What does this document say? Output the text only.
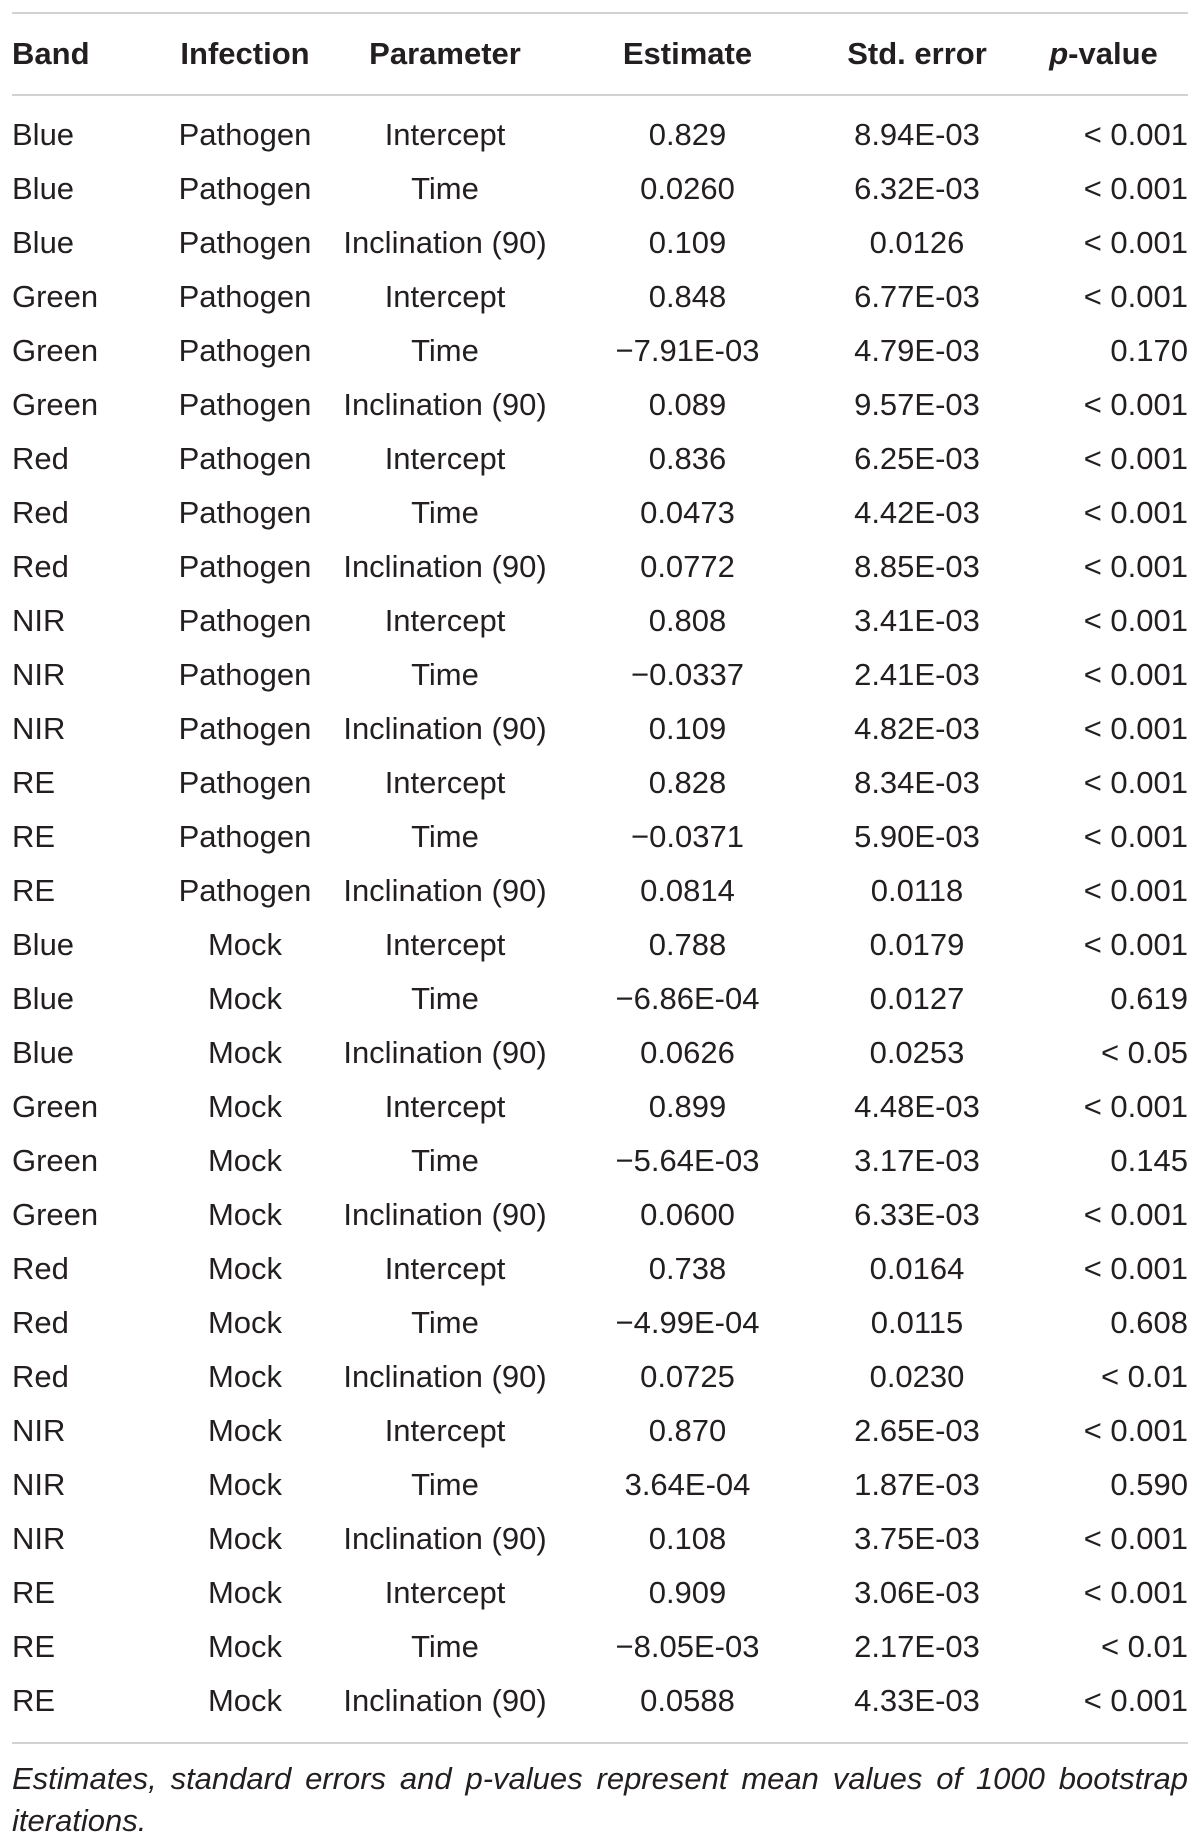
Band	Infection	Parameter	Estimate	Std. error	p-value
Blue	Pathogen	Intercept	0.829	8.94E-03	< 0.001
Blue	Pathogen	Time	0.0260	6.32E-03	< 0.001
Blue	Pathogen	Inclination (90)	0.109	0.0126	< 0.001
Green	Pathogen	Intercept	0.848	6.77E-03	< 0.001
Green	Pathogen	Time	−7.91E-03	4.79E-03	0.170
Green	Pathogen	Inclination (90)	0.089	9.57E-03	< 0.001
Red	Pathogen	Intercept	0.836	6.25E-03	< 0.001
Red	Pathogen	Time	0.0473	4.42E-03	< 0.001
Red	Pathogen	Inclination (90)	0.0772	8.85E-03	< 0.001
NIR	Pathogen	Intercept	0.808	3.41E-03	< 0.001
NIR	Pathogen	Time	−0.0337	2.41E-03	< 0.001
NIR	Pathogen	Inclination (90)	0.109	4.82E-03	< 0.001
RE	Pathogen	Intercept	0.828	8.34E-03	< 0.001
RE	Pathogen	Time	−0.0371	5.90E-03	< 0.001
RE	Pathogen	Inclination (90)	0.0814	0.0118	< 0.001
Blue	Mock	Intercept	0.788	0.0179	< 0.001
Blue	Mock	Time	−6.86E-04	0.0127	0.619
Blue	Mock	Inclination (90)	0.0626	0.0253	< 0.05
Green	Mock	Intercept	0.899	4.48E-03	< 0.001
Green	Mock	Time	−5.64E-03	3.17E-03	0.145
Green	Mock	Inclination (90)	0.0600	6.33E-03	< 0.001
Red	Mock	Intercept	0.738	0.0164	< 0.001
Red	Mock	Time	−4.99E-04	0.0115	0.608
Red	Mock	Inclination (90)	0.0725	0.0230	< 0.01
NIR	Mock	Intercept	0.870	2.65E-03	< 0.001
NIR	Mock	Time	3.64E-04	1.87E-03	0.590
NIR	Mock	Inclination (90)	0.108	3.75E-03	< 0.001
RE	Mock	Intercept	0.909	3.06E-03	< 0.001
RE	Mock	Time	−8.05E-03	2.17E-03	< 0.01
RE	Mock	Inclination (90)	0.0588	4.33E-03	< 0.001
Estimates, standard errors and p-values represent mean values of 1000 bootstrap iterations.
